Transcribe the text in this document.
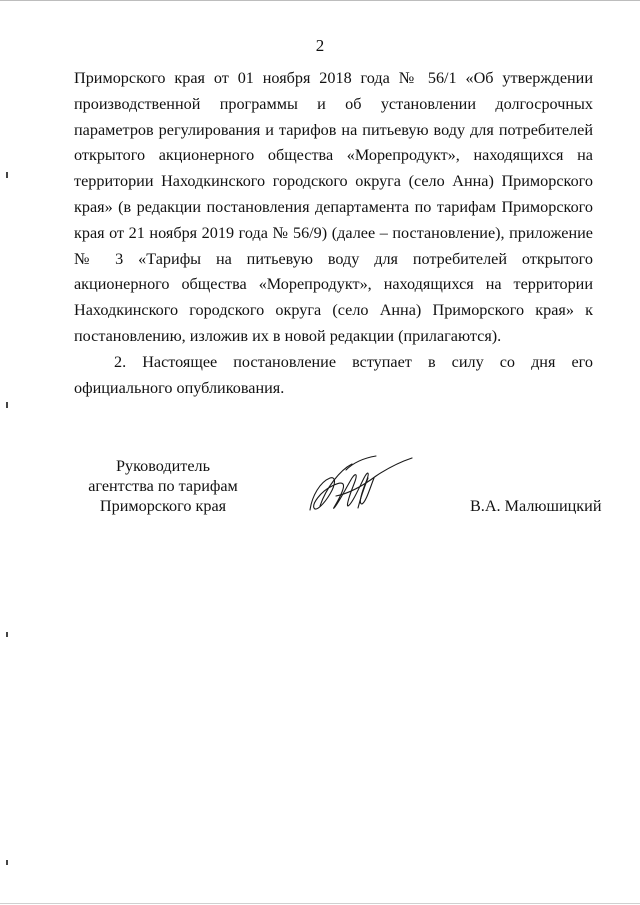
2

Приморского края от 01 ноября 2018 года № 56/1 «Об утверждении производственной программы и об установлении долгосрочных параметров регулирования и тарифов на питьевую воду для потребителей открытого акционерного общества «Морепродукт», находящихся на территории Находкинского городского округа (село Анна) Приморского края» (в редакции постановления департамента по тарифам Приморского края от 21 ноября 2019 года № 56/9) (далее – постановление), приложение № 3 «Тарифы на питьевую воду для потребителей открытого акционерного общества «Морепродукт», находящихся на территории Находкинского городского округа (село Анна) Приморского края» к постановлению, изложив их в новой редакции (прилагаются).

2. Настоящее постановление вступает в силу со дня его официального опубликования.

Руководитель
агентства по тарифам
Приморского края	В.А. Малюшицкий
